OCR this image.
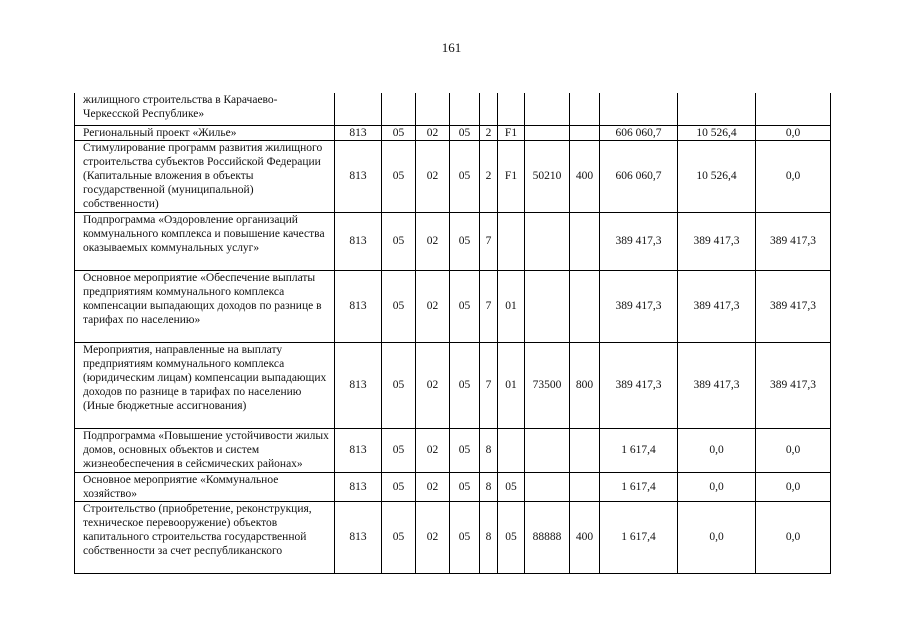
161
жилищного строительства в Карачаево-Черкесской Республике»											
Региональный проект «Жилье»	813	05	02	05	2	F1			606 060,7	10 526,4	0,0
Стимулирование программ развития жилищного строительства субъектов Российской Федерации (Капитальные вложения в объекты государственной (муниципальной) собственности)	813	05	02	05	2	F1	50210	400	606 060,7	10 526,4	0,0
Подпрограмма «Оздоровление организаций коммунального комплекса и повышение качества оказываемых коммунальных услуг»	813	05	02	05	7				389 417,3	389 417,3	389 417,3
Основное мероприятие «Обеспечение выплаты предприятиям коммунального комплекса компенсации выпадающих доходов по разнице в тарифах по населению»	813	05	02	05	7	01			389 417,3	389 417,3	389 417,3
Мероприятия, направленные на выплату предприятиям коммунального комплекса (юридическим лицам) компенсации выпадающих доходов по разнице в тарифах по населению (Иные бюджетные ассигнования)	813	05	02	05	7	01	73500	800	389 417,3	389 417,3	389 417,3
Подпрограмма «Повышение устойчивости жилых домов, основных объектов и систем жизнеобеспечения в сейсмических районах»	813	05	02	05	8				1 617,4	0,0	0,0
Основное мероприятие «Коммунальное хозяйство»	813	05	02	05	8	05			1 617,4	0,0	0,0
Строительство (приобретение, реконструкция, техническое перевооружение) объектов капитального строительства государственной собственности за счет республиканского	813	05	02	05	8	05	88888	400	1 617,4	0,0	0,0
